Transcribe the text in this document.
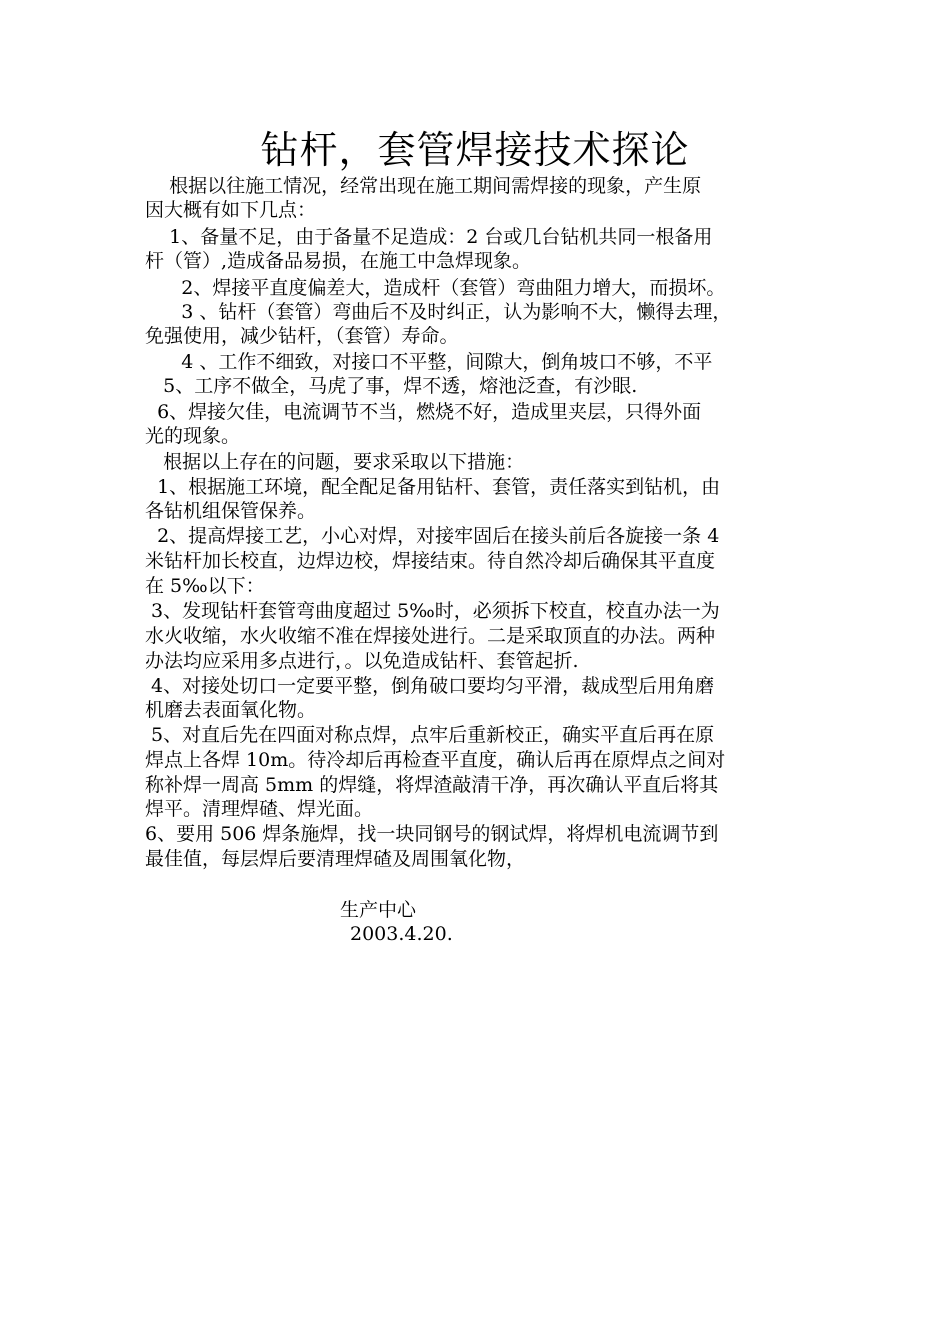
钻杆，套管焊接技术探论
根据以往施工情况，经常出现在施工期间需焊接的现象，产生原
因大概有如下几点：
1、备量不足，由于备量不足造成：2 台或几台钻机共同一根备用
杆（管）,造成备品易损，在施工中急焊现象。
2、焊接平直度偏差大，造成杆（套管）弯曲阻力增大，而损坏。
3 、钻杆（套管）弯曲后不及时纠正，认为影响不大，懒得去理，
免强使用，减少钻杆，（套管）寿命。
4 、工作不细致，对接口不平整，间隙大，倒角坡口不够，不平
5、工序不做全，马虎了事，焊不透，熔池泛查，有沙眼.
6、焊接欠佳，电流调节不当，燃烧不好，造成里夹层，只得外面
光的现象。
根据以上存在的问题，要求采取以下措施：
1、根据施工环境，配全配足备用钻杆、套管，责任落实到钻机，由
各钻机组保管保养。
2、提高焊接工艺，小心对焊，对接牢固后在接头前后各旋接一条 4
米钻杆加长校直，边焊边校，焊接结束。待自然冷却后确保其平直度
在 5‰以下：
3、发现钻杆套管弯曲度超过 5‰时，必须拆下校直，校直办法一为
水火收缩，水火收缩不准在焊接处进行。二是采取顶直的办法。两种
办法均应采用多点进行，。以免造成钻杆、套管起折.
4、对接处切口一定要平整，倒角破口要均匀平滑，裁成型后用角磨
机磨去表面氧化物。
5、对直后先在四面对称点焊，点牢后重新校正，确实平直后再在原
焊点上各焊 10m。待冷却后再检查平直度，确认后再在原焊点之间对
称补焊一周高 5mm 的焊缝，将焊渣敲清干净，再次确认平直后将其
焊平。清理焊碴、焊光面。
6、要用 506 焊条施焊，找一块同钢号的钢试焊，将焊机电流调节到
最佳值，每层焊后要清理焊碴及周围氧化物，
生产中心
2003.4.20.
